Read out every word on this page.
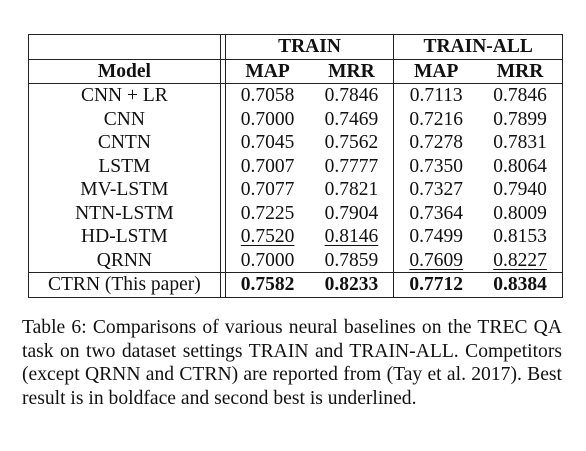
		TRAIN		TRAIN-ALL	
Model		MAP	MRR	MAP	MRR
CNN + LR		0.7058	0.7846	0.7113	0.7846
CNN		0.7000	0.7469	0.7216	0.7899
CNTN		0.7045	0.7562	0.7278	0.7831
LSTM		0.7007	0.7777	0.7350	0.8064
MV-LSTM		0.7077	0.7821	0.7327	0.7940
NTN-LSTM		0.7225	0.7904	0.7364	0.8009
HD-LSTM		0.7520	0.8146	0.7499	0.8153
QRNN		0.7000	0.7859	0.7609	0.8227
CTRN (This paper)		0.7582	0.8233	0.7712	0.8384

Table 6: Comparisons of various neural baselines on the TREC QA task on two dataset settings TRAIN and TRAIN-ALL. Competitors (except QRNN and CTRN) are reported from (Tay et al. 2017). Best result is in boldface and second best is underlined.
